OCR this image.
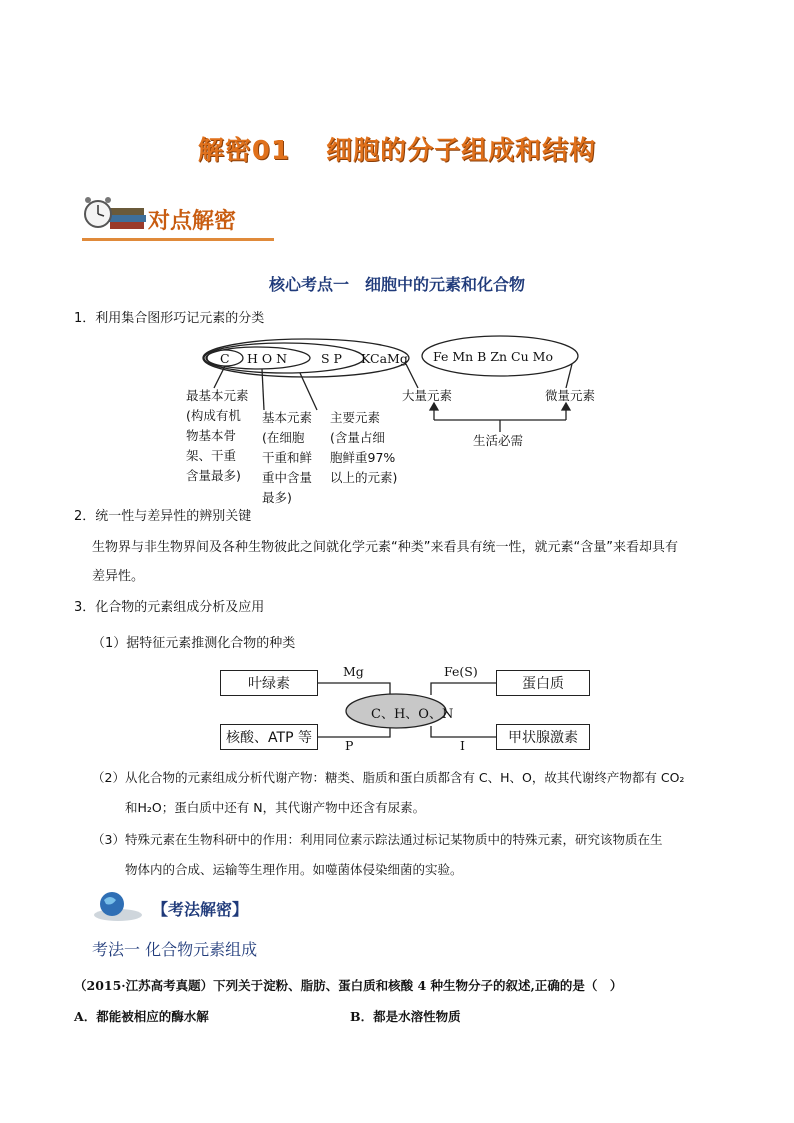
解密01 细胞的分子组成和结构
对点解密
核心考点一　细胞中的元素和化合物
1．利用集合图形巧记元素的分类
C H O N	S P KCaMg Fe Mn B Zn Cu Mo
最基本元素
(构成有机
物基本骨
架、干重
含量最多)
基本元素
(在细胞
干重和鲜
重中含量
最多)
主要元素
(含量占细
胞鲜重97%
以上的元素)
大量元素	微量元素
生活必需
2．统一性与差异性的辨别关键
生物界与非生物界间及各种生物彼此之间就化学元素“种类”来看具有统一性，就元素“含量”来看却具有
差异性。
3．化合物的元素组成分析及应用
（1）据特征元素推测化合物的种类
叶绿素	蛋白质
核酸、ATP 等	甲状腺激素
C、H、O、N
Mg	Fe(S)
P	I
（2）从化合物的元素组成分析代谢产物：糖类、脂质和蛋白质都含有 C、H、O，故其代谢终产物都有 CO₂
和H₂O；蛋白质中还有 N，其代谢产物中还含有尿素。
（3）特殊元素在生物科研中的作用：利用同位素示踪法通过标记某物质中的特殊元素，研究该物质在生
物体内的合成、运输等生理作用。如噬菌体侵染细菌的实验。
【考法解密】
考法一 化合物元素组成
（2015·江苏高考真题）下列关于淀粉、脂肪、蛋白质和核酸 4 种生物分子的叙述,正确的是（　）
A．都能被相应的酶水解	B．都是水溶性物质
